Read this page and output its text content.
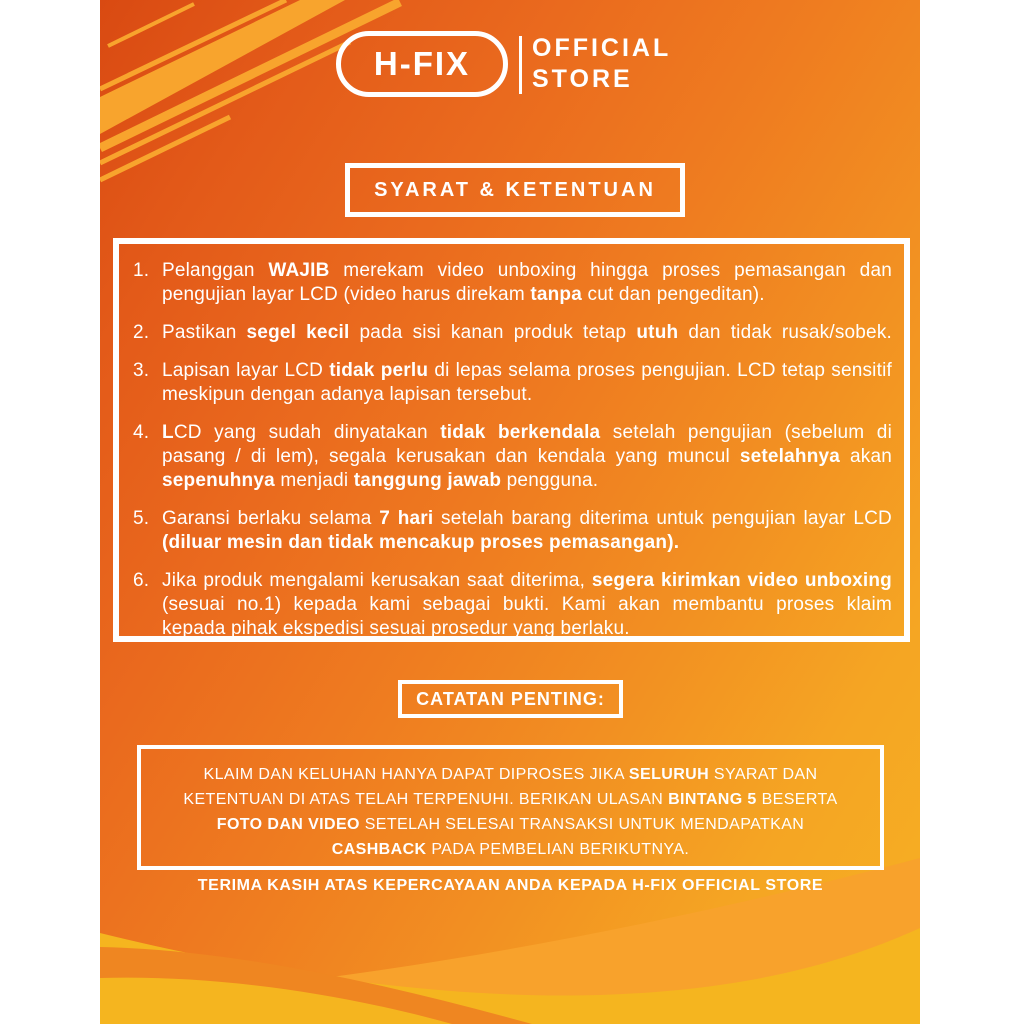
H-FIX OFFICIAL
STORE
SYARAT & KETENTUAN
1. Pelanggan WAJIB merekam video unboxing hingga proses pemasangan dan pengujian layar LCD (video harus direkam tanpa cut dan pengeditan).
2. Pastikan segel kecil pada sisi kanan produk tetap utuh dan tidak rusak/sobek.
3. Lapisan layar LCD tidak perlu di lepas selama proses pengujian. LCD tetap sensitif meskipun dengan adanya lapisan tersebut.
4. LCD yang sudah dinyatakan tidak berkendala setelah pengujian (sebelum di pasang / di lem), segala kerusakan dan kendala yang muncul setelahnya akan sepenuhnya menjadi tanggung jawab pengguna.
5. Garansi berlaku selama 7 hari setelah barang diterima untuk pengujian layar LCD (diluar mesin dan tidak mencakup proses pemasangan).
6. Jika produk mengalami kerusakan saat diterima, segera kirimkan video unboxing (sesuai no.1) kepada kami sebagai bukti. Kami akan membantu proses klaim kepada pihak ekspedisi sesuai prosedur yang berlaku.
CATATAN PENTING:

KLAIM DAN KELUHAN HANYA DAPAT DIPROSES JIKA SELURUH SYARAT DAN KETENTUAN DI ATAS TELAH TERPENUHI. BERIKAN ULASAN BINTANG 5 BESERTA FOTO DAN VIDEO SETELAH SELESAI TRANSAKSI UNTUK MENDAPATKAN CASHBACK PADA PEMBELIAN BERIKUTNYA.

TERIMA KASIH ATAS KEPERCAYAAN ANDA KEPADA H-FIX OFFICIAL STORE
